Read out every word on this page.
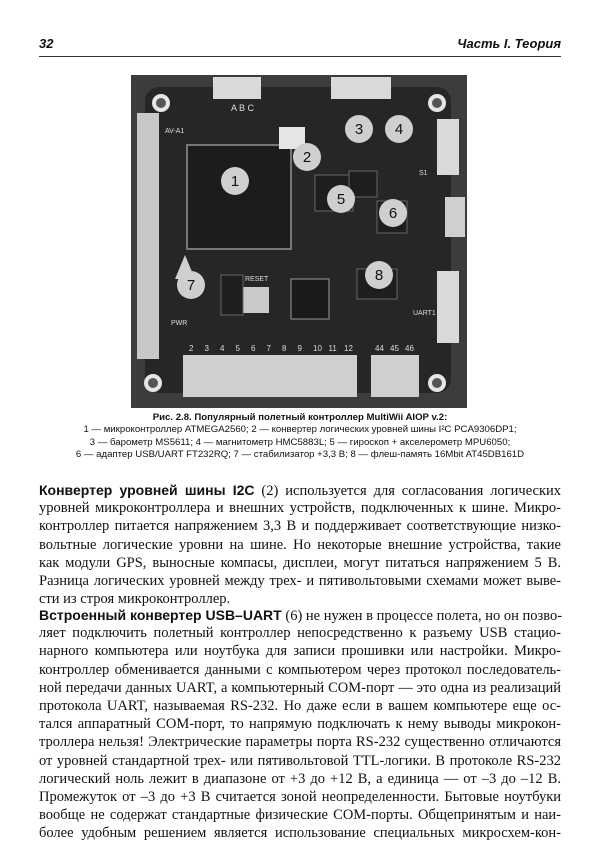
32	Часть I. Теория
A B C
AV-A1
PWR
RESET
S1
UART1
2 3 4 5 6 7 8 9 10 11 12	44 45 46
1
2
3 4
5
6
7
8
Рис. 2.8. Популярный полетный контроллер MultiWii AIOP v.2:
1 — микроконтроллер ATMEGA2560; 2 — конвертер логических уровней шины I²C PCA9306DP1;
3 — барометр MS5611; 4 — магнитометр HMC5883L; 5 — гироскоп + акселерометр MPU6050;
6 — адаптер USB/UART FT232RQ; 7 — стабилизатор +3,3 В; 8 — флеш-память 16Mbit AT45DB161D
Конвертер уровней шины I2C (2) используется для согласования логических
уровней микроконтроллера и внешних устройств, подключенных к шине. Микро-
контроллер питается напряжением 3,3 В и поддерживает соответствующие низко-
вольтные логические уровни на шине. Но некоторые внешние устройства, такие
как модули GPS, выносные компасы, дисплеи, могут питаться напряжением 5 В.
Разница логических уровней между трех- и пятивольтовыми схемами может выве-
сти из строя микроконтроллер.
Встроенный конвертер USB–UART (6) не нужен в процессе полета, но он позво-
ляет подключить полетный контроллер непосредственно к разъему USB стацио-
нарного компьютера или ноутбука для записи прошивки или настройки. Микро-
контроллер обменивается данными с компьютером через протокол последователь-
ной передачи данных UART, а компьютерный COM-порт — это одна из реализаций
протокола UART, называемая RS-232. Но даже если в вашем компьютере еще ос-
тался аппаратный COM-порт, то напрямую подключать к нему выводы микрокон-
троллера нельзя! Электрические параметры порта RS-232 существенно отличаются
от уровней стандартной трех- или пятивольтовой TTL-логики. В протоколе RS-232
логический ноль лежит в диапазоне от +3 до +12 В, а единица — от –3 до –12 В.
Промежуток от –3 до +3 В считается зоной неопределенности. Бытовые ноутбуки
вообще не содержат стандартные физические COM-порты. Общепринятым и наи-
более удобным решением является использование специальных микросхем-кон-
